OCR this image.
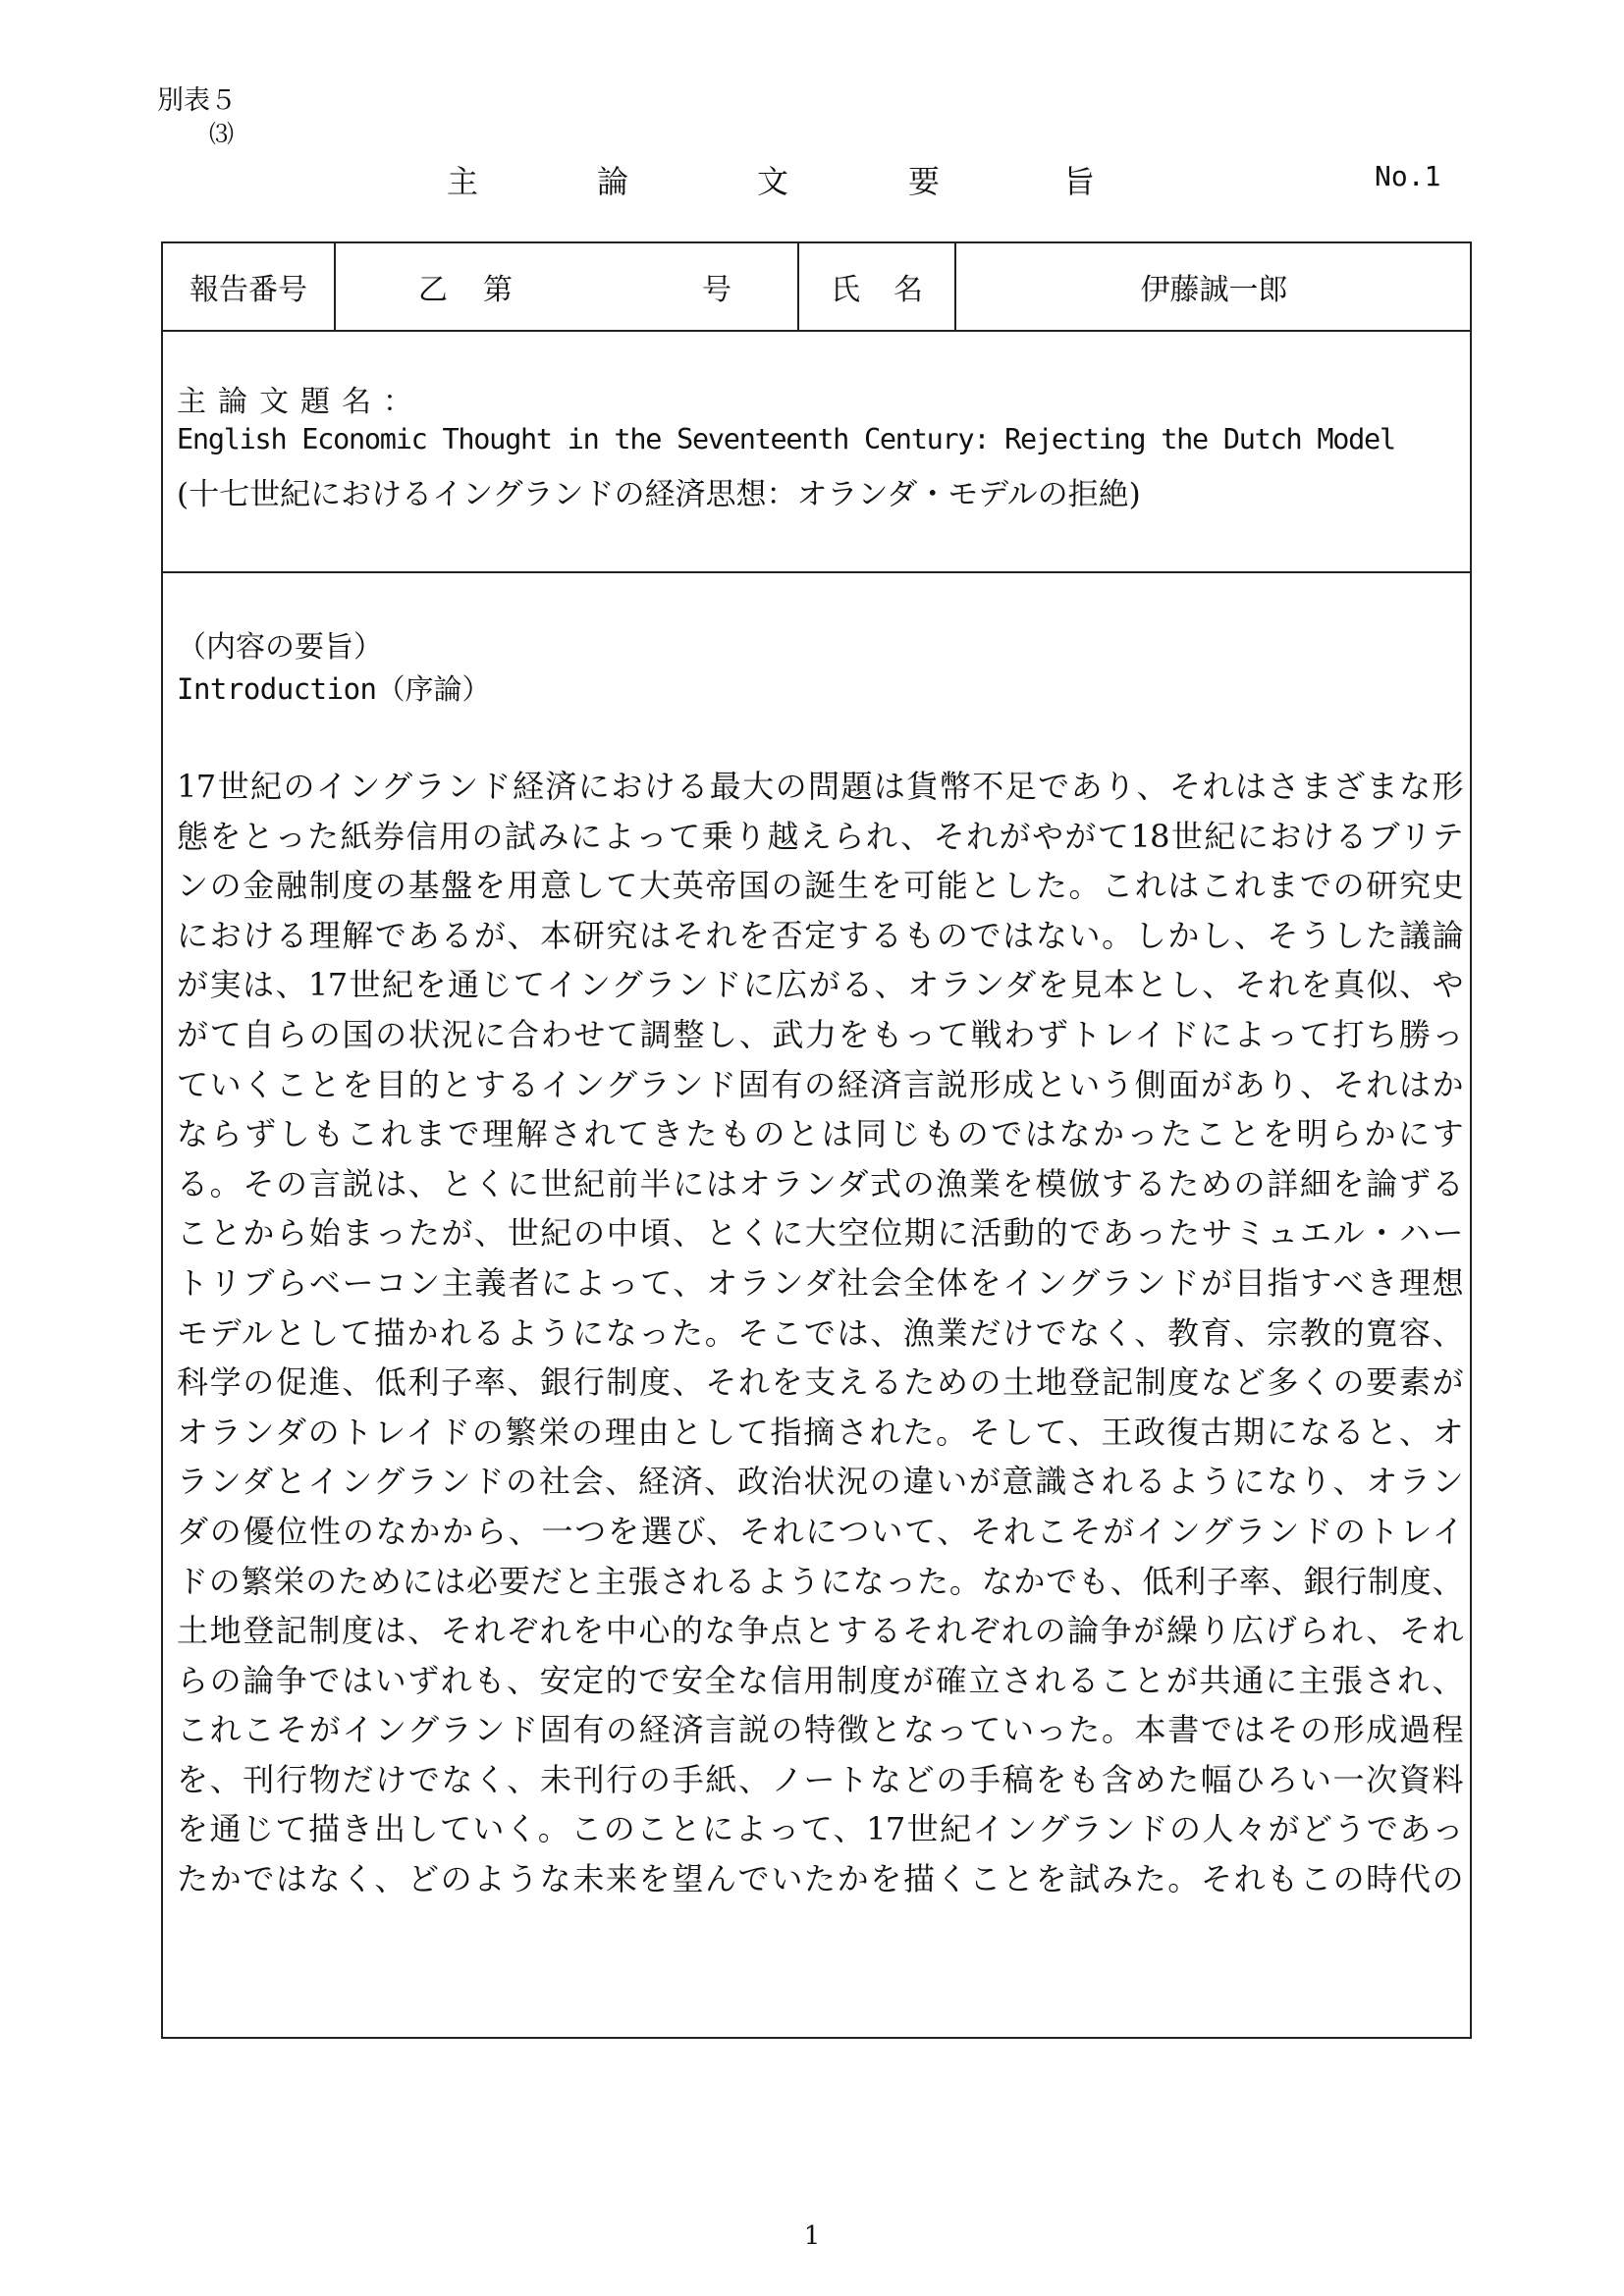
別表５
⑶
主	論	文	要	旨	No.1
報告番号	乙 第	号	氏 名	伊藤誠一郎
主論文題名：
English Economic Thought in the Seventeenth Century: Rejecting the Dutch Model
(十七世紀におけるイングランドの経済思想：オランダ・モデルの拒絶)
（内容の要旨）
Introduction（序論）
17世紀のイングランド経済における最大の問題は貨幣不足であり、それはさまざまな形
態をとった紙券信用の試みによって乗り越えられ、それがやがて18世紀におけるブリテ
ンの金融制度の基盤を用意して大英帝国の誕生を可能とした。これはこれまでの研究史
における理解であるが、本研究はそれを否定するものではない。しかし、そうした議論
が実は、17世紀を通じてイングランドに広がる、オランダを見本とし、それを真似、や
がて自らの国の状況に合わせて調整し、武力をもって戦わずトレイドによって打ち勝っ
ていくことを目的とするイングランド固有の経済言説形成という側面があり、それはか
ならずしもこれまで理解されてきたものとは同じものではなかったことを明らかにす
る。その言説は、とくに世紀前半にはオランダ式の漁業を模倣するための詳細を論ずる
ことから始まったが、世紀の中頃、とくに大空位期に活動的であったサミュエル・ハー
トリブらベーコン主義者によって、オランダ社会全体をイングランドが目指すべき理想
モデルとして描かれるようになった。そこでは、漁業だけでなく、教育、宗教的寛容、
科学の促進、低利子率、銀行制度、それを支えるための土地登記制度など多くの要素が
オランダのトレイドの繁栄の理由として指摘された。そして、王政復古期になると、オ
ランダとイングランドの社会、経済、政治状況の違いが意識されるようになり、オラン
ダの優位性のなかから、一つを選び、それについて、それこそがイングランドのトレイ
ドの繁栄のためには必要だと主張されるようになった。なかでも、低利子率、銀行制度、
土地登記制度は、それぞれを中心的な争点とするそれぞれの論争が繰り広げられ、それ
らの論争ではいずれも、安定的で安全な信用制度が確立されることが共通に主張され、
これこそがイングランド固有の経済言説の特徴となっていった。本書ではその形成過程
を、刊行物だけでなく、未刊行の手紙、ノートなどの手稿をも含めた幅ひろい一次資料
を通じて描き出していく。このことによって、17世紀イングランドの人々がどうであっ
たかではなく、どのような未来を望んでいたかを描くことを試みた。それもこの時代の
1
